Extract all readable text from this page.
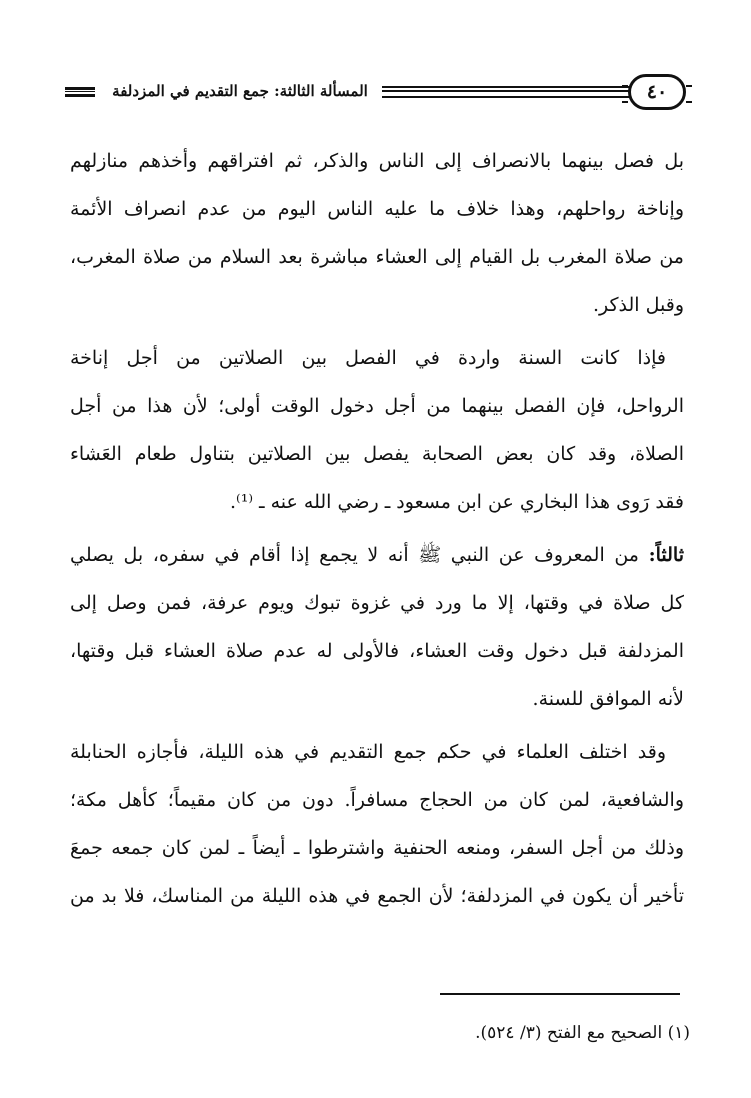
المسألة الثالثة: جمع التقديم في المزدلفة	٤٠
بل فصل بينهما بالانصراف إلى الناس والذكر، ثم افتراقهم وأخذهم منازلهم
وإناخة رواحلهم، وهذا خلاف ما عليه الناس اليوم من عدم انصراف الأئمة
من صلاة المغرب بل القيام إلى العشاء مباشرة بعد السلام من صلاة المغرب،
وقبل الذكر.
فإذا كانت السنة واردة في الفصل بين الصلاتين من أجل إناخة
الرواحل، فإن الفصل بينهما من أجل دخول الوقت أولى؛ لأن هذا من أجل
الصلاة، وقد كان بعض الصحابة يفصل بين الصلاتين بتناول طعام العَشاء
فقد رَوى هذا البخاري عن ابن مسعود ـ رضي الله عنه ـ ⁽¹⁾.
ثالثاً: من المعروف عن النبي ﷺ أنه لا يجمع إذا أقام في سفره، بل يصلي
كل صلاة في وقتها، إلا ما ورد في غزوة تبوك ويوم عرفة، فمن وصل إلى
المزدلفة قبل دخول وقت العشاء، فالأولى له عدم صلاة العشاء قبل وقتها،
لأنه الموافق للسنة.
وقد اختلف العلماء في حكم جمع التقديم في هذه الليلة، فأجازه الحنابلة
والشافعية، لمن كان من الحجاج مسافراً. دون من كان مقيماً؛ كأهل مكة؛
وذلك من أجل السفر، ومنعه الحنفية واشترطوا ـ أيضاً ـ لمن كان جمعه جمعَ
تأخير أن يكون في المزدلفة؛ لأن الجمع في هذه الليلة من المناسك، فلا بد من
(١) الصحيح مع الفتح (٣/ ٥٢٤).
